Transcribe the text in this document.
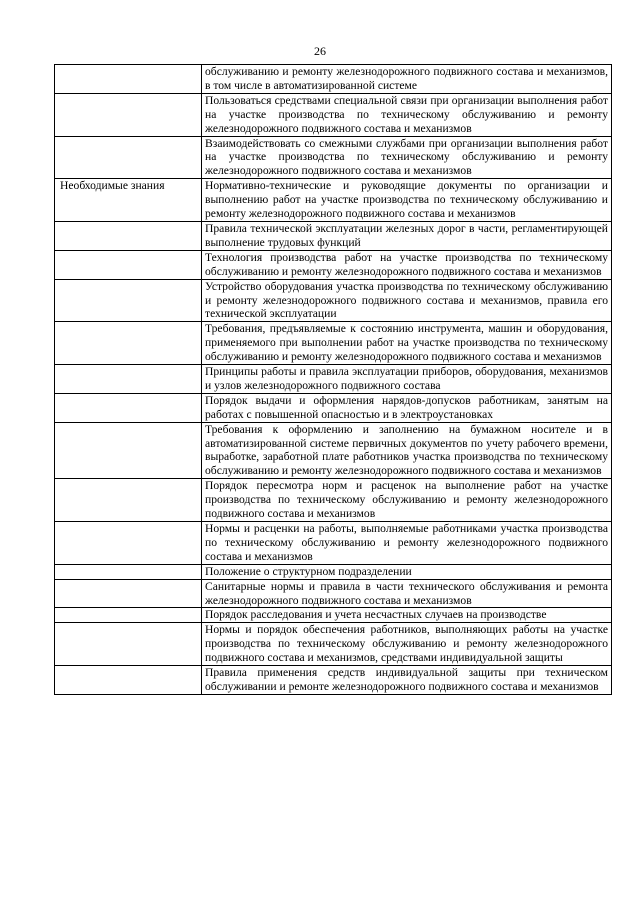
26
	обслуживанию и ремонту железнодорожного подвижного состава и механизмов, в том числе в автоматизированной системе
	Пользоваться средствами специальной связи при организации выполнения работ на участке производства по техническому обслуживанию и ремонту железнодорожного подвижного состава и механизмов
	Взаимодействовать со смежными службами при организации выполнения работ на участке производства по техническому обслуживанию и ремонту железнодорожного подвижного состава и механизмов
Необходимые знания	Нормативно-технические и руководящие документы по организации и выполнению работ на участке производства по техническому обслуживанию и ремонту железнодорожного подвижного состава и механизмов
	Правила технической эксплуатации железных дорог в части, регламентирующей выполнение трудовых функций
	Технология производства работ на участке производства по техническому обслуживанию и ремонту железнодорожного подвижного состава и механизмов
	Устройство оборудования участка производства по техническому обслуживанию и ремонту железнодорожного подвижного состава и механизмов, правила его технической эксплуатации
	Требования, предъявляемые к состоянию инструмента, машин и оборудования, применяемого при выполнении работ на участке производства по техническому обслуживанию и ремонту железнодорожного подвижного состава и механизмов
	Принципы работы и правила эксплуатации приборов, оборудования, механизмов и узлов железнодорожного подвижного состава
	Порядок выдачи и оформления нарядов-допусков работникам, занятым на работах с повышенной опасностью и в электроустановках
	Требования к оформлению и заполнению на бумажном носителе и в автоматизированной системе первичных документов по учету рабочего времени, выработке, заработной плате работников участка производства по техническому обслуживанию и ремонту железнодорожного подвижного состава и механизмов
	Порядок пересмотра норм и расценок на выполнение работ на участке производства по техническому обслуживанию и ремонту железнодорожного подвижного состава и механизмов
	Нормы и расценки на работы, выполняемые работниками участка производства по техническому обслуживанию и ремонту железнодорожного подвижного состава и механизмов
	Положение о структурном подразделении
	Санитарные нормы и правила в части технического обслуживания и ремонта железнодорожного подвижного состава и механизмов
	Порядок расследования и учета несчастных случаев на производстве
	Нормы и порядок обеспечения работников, выполняющих работы на участке производства по техническому обслуживанию и ремонту железнодорожного подвижного состава и механизмов, средствами индивидуальной защиты
	Правила применения средств индивидуальной защиты при техническом обслуживании и ремонте железнодорожного подвижного состава и механизмов
